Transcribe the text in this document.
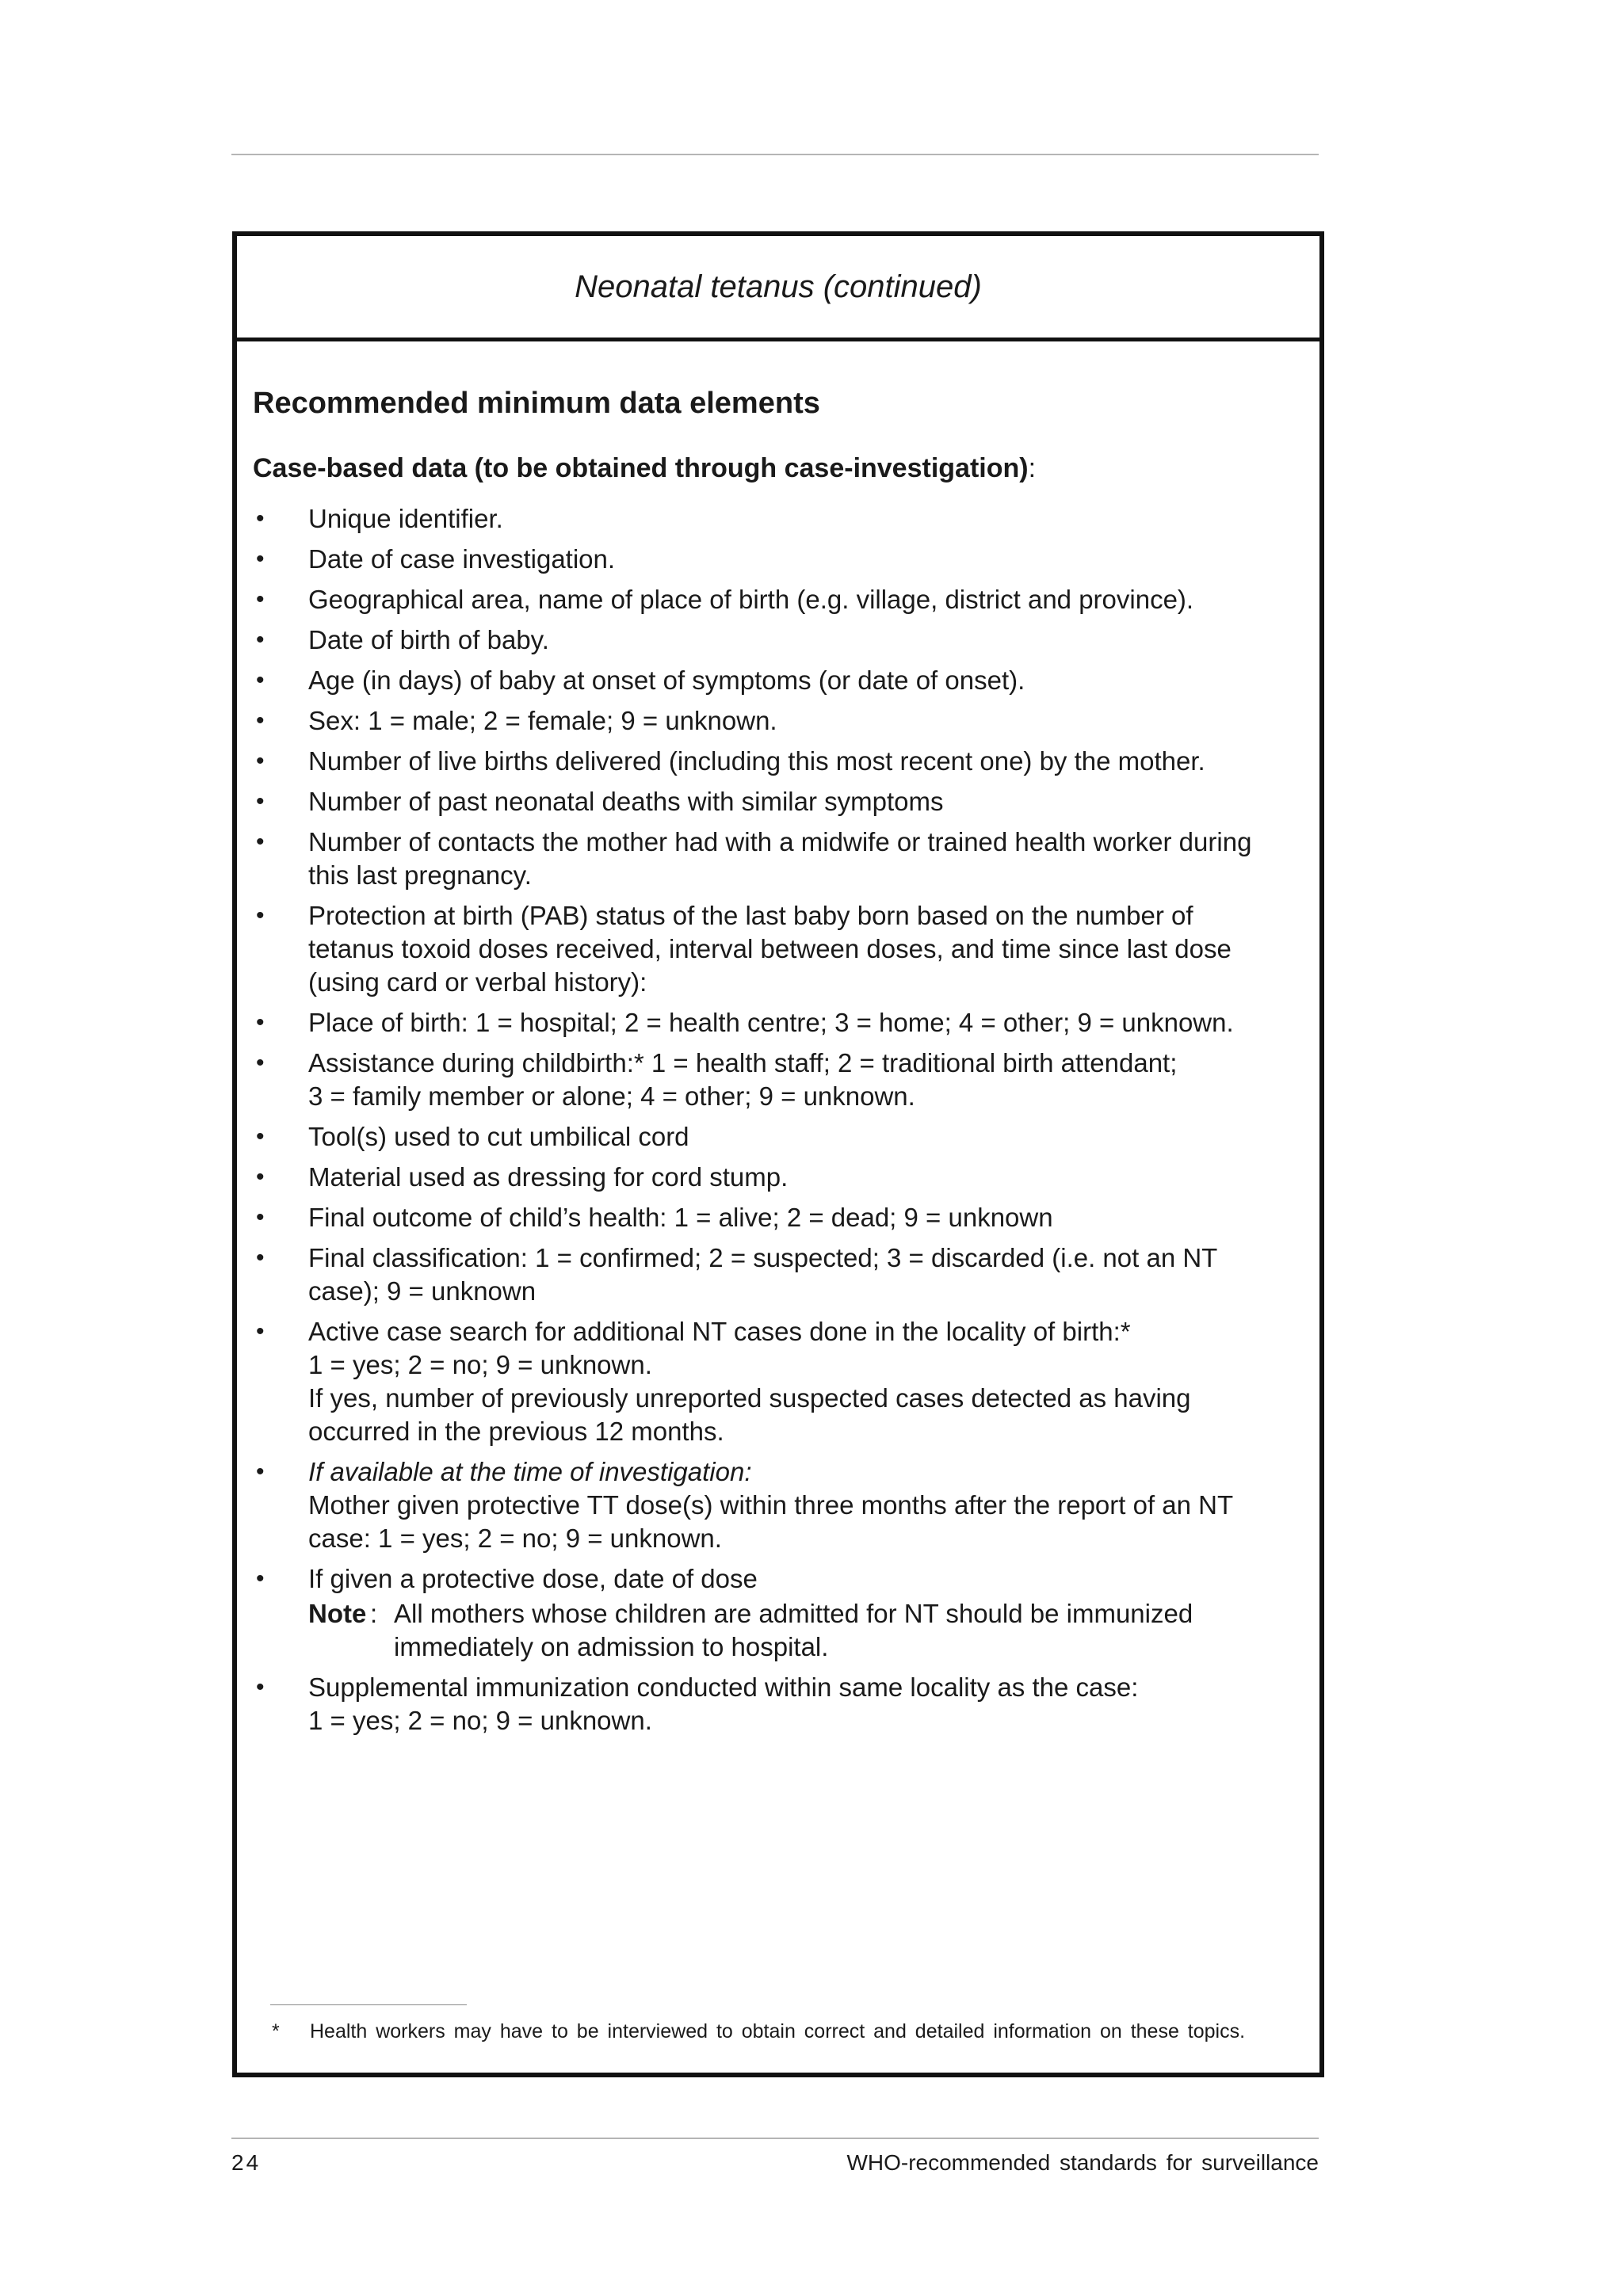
Neonatal tetanus (continued)
Recommended minimum data elements

Case-based data (to be obtained through case-investigation):

• Unique identifier.
• Date of case investigation.
• Geographical area, name of place of birth (e.g. village, district and province).
• Date of birth of baby.
• Age (in days) of baby at onset of symptoms (or date of onset).
• Sex: 1 = male; 2 = female; 9 = unknown.
• Number of live births delivered (including this most recent one) by the mother.
• Number of past neonatal deaths with similar symptoms
• Number of contacts the mother had with a midwife or trained health worker during
this last pregnancy.
• Protection at birth (PAB) status of the last baby born based on the number of
tetanus toxoid doses received, interval between doses, and time since last dose
(using card or verbal history):
• Place of birth: 1 = hospital; 2 = health centre; 3 = home; 4 = other; 9 = unknown.
• Assistance during childbirth:* 1 = health staff; 2 = traditional birth attendant;
3 = family member or alone; 4 = other; 9 = unknown.
• Tool(s) used to cut umbilical cord
• Material used as dressing for cord stump.
• Final outcome of child’s health: 1 = alive; 2 = dead; 9 = unknown
• Final classification: 1 = confirmed; 2 = suspected; 3 = discarded (i.e. not an NT
case); 9 = unknown
• Active case search for additional NT cases done in the locality of birth:*
1 = yes; 2 = no; 9 = unknown.
If yes, number of previously unreported suspected cases detected as having
occurred in the previous 12 months.
• If available at the time of investigation:
Mother given protective TT dose(s) within three months after the report of an NT
case: 1 = yes; 2 = no; 9 = unknown.
• If given a protective dose, date of dose
Note : All mothers whose children are admitted for NT should be immunized
immediately on admission to hospital.
• Supplemental immunization conducted within same locality as the case:
1 = yes; 2 = no; 9 = unknown.
* Health workers may have to be interviewed to obtain correct and detailed information on these topics.
24	WHO-recommended standards for surveillance
